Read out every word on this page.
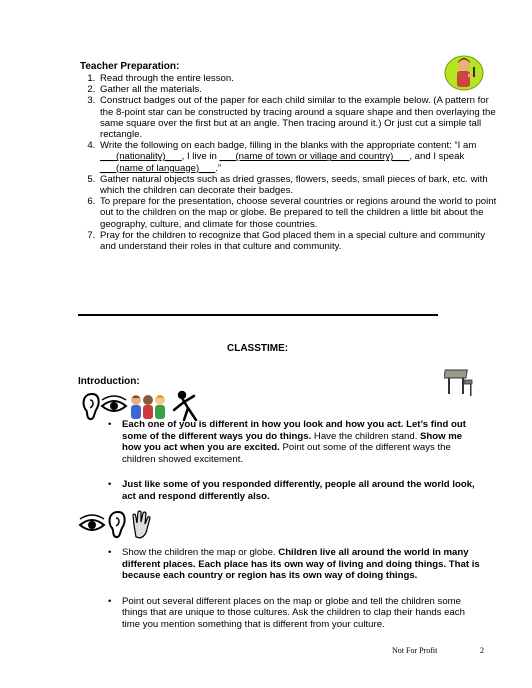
Teacher Preparation:
1. Read through the entire lesson.
2. Gather all the materials.
3. Construct badges out of the paper for each child similar to the example below. (A pattern for the 8-point star can be constructed by tracing around a square shape and then overlaying the same square over the first but at an angle. Then tracing around it.) Or just cut a simple tall rectangle.
4. Write the following on each badge, filling in the blanks with the appropriate content: “I am ___(nationality)___, I live in ___(name of town or village and country)___, and I speak ___(name of language)___.”
5. Gather natural objects such as dried grasses, flowers, seeds, small pieces of bark, etc. with which the children can decorate their badges.
6. To prepare for the presentation, choose several countries or regions around the world to point out to the children on the map or globe. Be prepared to tell the children a little bit about the geography, culture, and climate for those countries.
7. Pray for the children to recognize that God placed them in a special culture and community and understand their roles in that culture and community.
CLASSTIME:
Introduction:
• Each one of you is different in how you look and how you act. Let’s find out some of the different ways you do things. Have the children stand. Show me how you act when you are excited. Point out some of the different ways the children showed excitement.
• Just like some of you responded differently, people all around the world look, act and respond differently also.
• Show the children the map or globe. Children live all around the world in many different places. Each place has its own way of living and doing things. That is because each country or region has its own way of doing things.
• Point out several different places on the map or globe and tell the children some things that are unique to those cultures. Ask the children to clap their hands each time you mention something that is different from your culture.
Not For Profit	2
